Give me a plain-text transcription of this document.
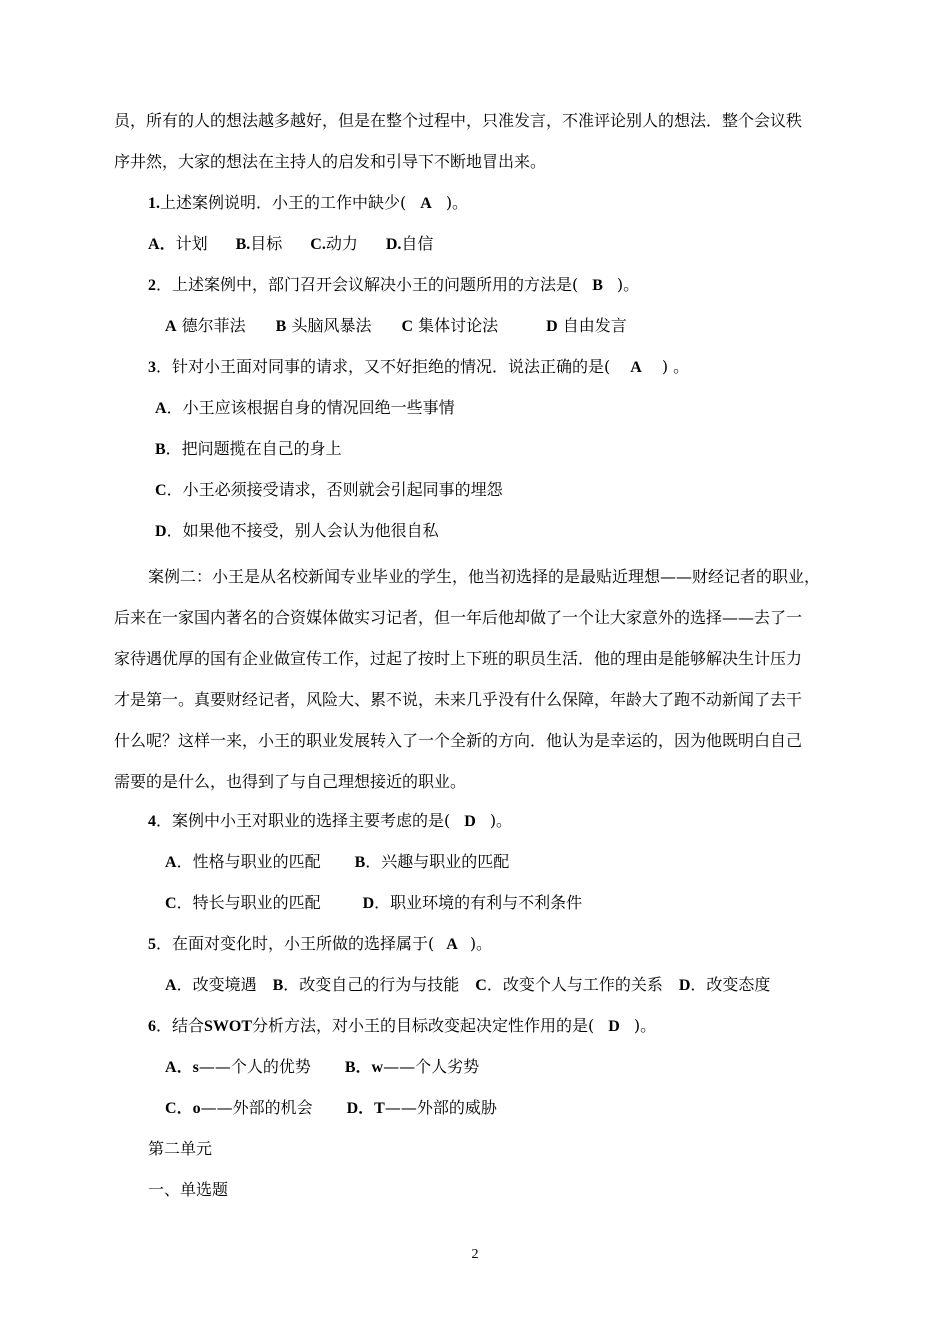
员，所有的人的想法越多越好，但是在整个过程中，只准发言，不准评论别人的想法．整个会议秩
序井然，大家的想法在主持人的启发和引导下不断地冒出来。
1.上述案例说明．小王的工作中缺少( A )。
A．计划 B.目标 C.动力 D.自信
2．上述案例中，部门召开会议解决小王的问题所用的方法是( B )。
A 德尔菲法 B 头脑风暴法 C 集体讨论法	D 自由发言
3．针对小王面对同事的请求，又不好拒绝的情况．说法正确的是( A ) 。
A．小王应该根据自身的情况回绝一些事情
B．把问题揽在自己的身上
C．小王必须接受请求，否则就会引起同事的埋怨
D．如果他不接受，别人会认为他很自私
案例二：小王是从名校新闻专业毕业的学生，他当初选择的是最贴近理想——财经记者的职业，
后来在一家国内著名的合资媒体做实习记者，但一年后他却做了一个让大家意外的选择——去了一
家待遇优厚的国有企业做宣传工作，过起了按时上下班的职员生活．他的理由是能够解决生计压力
才是第一。真要财经记者，风险大、累不说，未来几乎没有什么保障，年龄大了跑不动新闻了去干
什么呢？这样一来，小王的职业发展转入了一个全新的方向．他认为是幸运的，因为他既明白自己
需要的是什么，也得到了与自己理想接近的职业。
4．案例中小王对职业的选择主要考虑的是( D )。
A．性格与职业的匹配 B．兴趣与职业的匹配
C．特长与职业的匹配	D．职业环境的有利与不利条件
5．在面对变化时，小王所做的选择属于( A )。
A．改变境遇 B．改变自己的行为与技能 C．改变个人与工作的关系 D．改变态度
6．结合SWOT分析方法，对小王的目标改变起决定性作用的是( D )。
A．s——个人的优势 B．w——个人劣势
C．o——外部的机会 D．T——外部的威胁
第二单元
一、单选题
2
